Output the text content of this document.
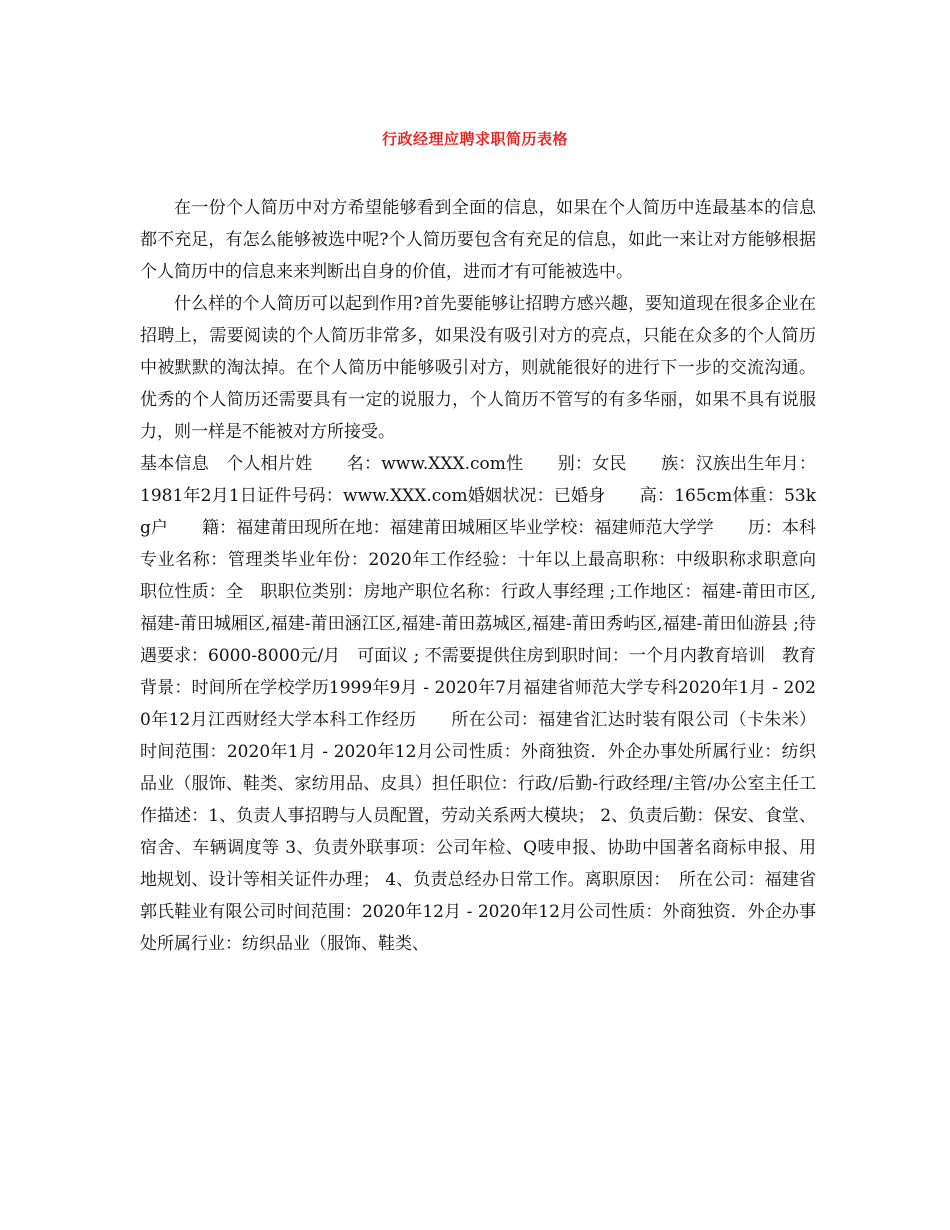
行政经理应聘求职简历表格

在一份个人简历中对方希望能够看到全面的信息，如果在个人简历中连最基本的信息都不充足，有怎么能够被选中呢?个人简历要包含有充足的信息，如此一来让对方能够根据个人简历中的信息来来判断出自身的价值，进而才有可能被选中。

什么样的个人简历可以起到作用?首先要能够让招聘方感兴趣，要知道现在很多企业在招聘上，需要阅读的个人简历非常多，如果没有吸引对方的亮点，只能在众多的个人简历中被默默的淘汰掉。在个人简历中能够吸引对方，则就能很好的进行下一步的交流沟通。优秀的个人简历还需要具有一定的说服力，个人简历不管写的有多华丽，如果不具有说服力，则一样是不能被对方所接受。

基本信息　个人相片姓　　名：www.XXX.com性　　别：女民　　族：汉族出生年月：1981年2月1日证件号码：www.XXX.com婚姻状况：已婚身　　高：165cm体重：53kg户　　籍：福建莆田现所在地：福建莆田城厢区毕业学校：福建师范大学学　　历：本科专业名称：管理类毕业年份：2020年工作经验：十年以上最高职称：中级职称求职意向　职位性质：全　职职位类别：房地产职位名称：行政人事经理 ;工作地区：福建-莆田市区,福建-莆田城厢区,福建-莆田涵江区,福建-莆田荔城区,福建-莆田秀屿区,福建-莆田仙游县 ;待遇要求：6000-8000元/月　可面议 ; 不需要提供住房到职时间：一个月内教育培训　教育背景：时间所在学校学历1999年9月 - 2020年7月福建省师范大学专科2020年1月 - 2020年12月江西财经大学本科工作经历　　所在公司：福建省汇达时装有限公司（卡朱米）时间范围：2020年1月 - 2020年12月公司性质：外商独资．外企办事处所属行业：纺织品业（服饰、鞋类、家纺用品、皮具）担任职位：行政/后勤-行政经理/主管/办公室主任工作描述：1、负责人事招聘与人员配置，劳动关系两大模块； 2、负责后勤：保安、食堂、宿舍、车辆调度等 3、负责外联事项：公司年检、Q唛申报、协助中国著名商标申报、用地规划、设计等相关证件办理； 4、负责总经办日常工作。离职原因：　所在公司：福建省郭氏鞋业有限公司时间范围：2020年12月 - 2020年12月公司性质：外商独资．外企办事处所属行业：纺织品业（服饰、鞋类、
